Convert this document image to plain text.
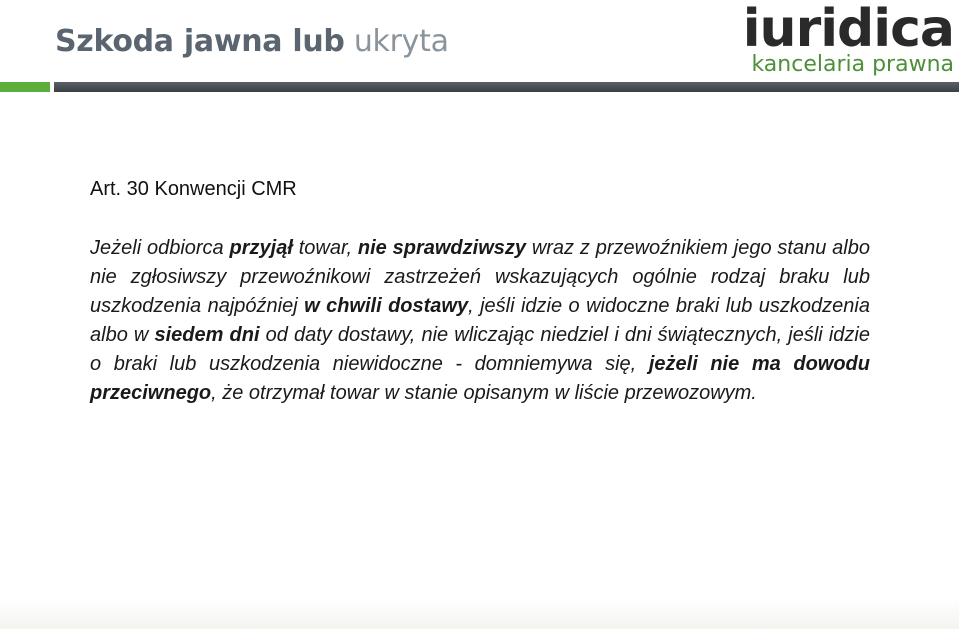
Szkoda jawna lub ukryta	iuridica
kancelaria prawna
Art. 30 Konwencji CMR
Jeżeli odbiorca przyjął towar, nie sprawdziwszy wraz z przewoźnikiem jego stanu albo nie zgłosiwszy przewoźnikowi zastrzeżeń wskazujących ogólnie rodzaj braku lub uszkodzenia najpóźniej w chwili dostawy, jeśli idzie o widoczne braki lub uszkodzenia albo w siedem dni od daty dostawy, nie wliczając niedziel i dni świątecznych, jeśli idzie o braki lub uszkodzenia niewidoczne - domniemywa się, jeżeli nie ma dowodu przeciwnego, że otrzymał towar w stanie opisanym w liście przewozowym.
